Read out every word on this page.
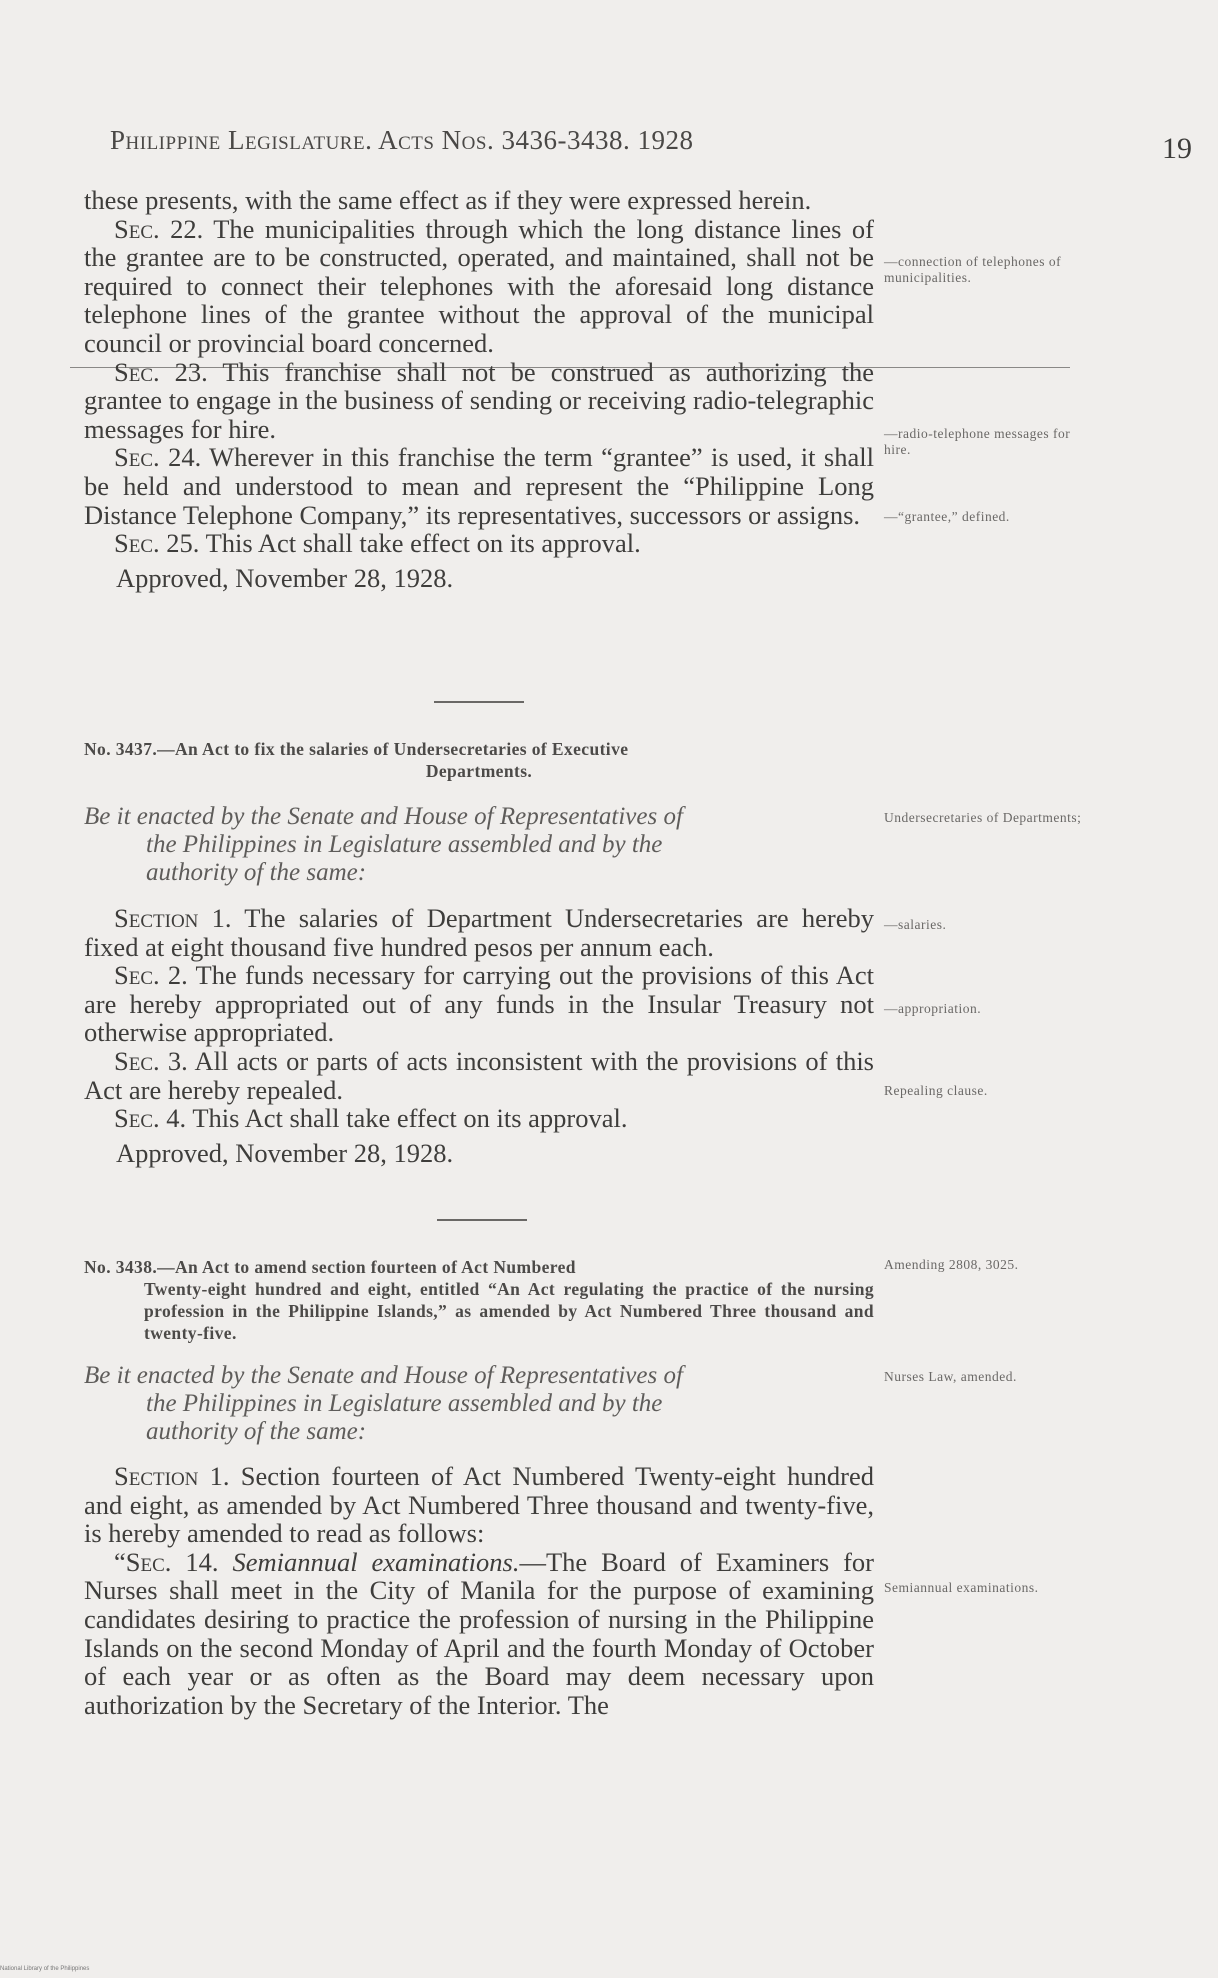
Philippine Legislature. Acts Nos. 3436-3438. 1928	19

these presents, with the same effect as if they were expressed herein.

Sec. 22. The municipalities through which the long distance lines of the grantee are to be constructed, operated, and maintained, shall not be required to connect their telephones with the aforesaid long distance telephone lines of the grantee without the approval of the municipal council or provincial board concerned.

Sec. 23. This franchise shall not be construed as authorizing the grantee to engage in the business of sending or receiving radio-telegraphic messages for hire.

Sec. 24. Wherever in this franchise the term “grantee” is used, it shall be held and understood to mean and represent the “Philippine Long Distance Telephone Company,” its representatives, successors or assigns.

Sec. 25. This Act shall take effect on its approval.

Approved, November 28, 1928.

—connection of telephones of municipalities.
—radio-telephone messages for hire.
—“grantee,” defined.
No. 3437.—An Act to fix the salaries of Undersecretaries of Executive
Departments.
Be it enacted by the Senate and House of Representatives of
the Philippines in Legislature assembled and by the
authority of the same:

Section 1. The salaries of Department Undersecretaries are hereby fixed at eight thousand five hundred pesos per annum each.

Sec. 2. The funds necessary for carrying out the provisions of this Act are hereby appropriated out of any funds in the Insular Treasury not otherwise appropriated.

Sec. 3. All acts or parts of acts inconsistent with the provisions of this Act are hereby repealed.

Sec. 4. This Act shall take effect on its approval.

Approved, November 28, 1928.

Undersecretaries of Departments;
—salaries.
—appropriation.
Repealing clause.
No. 3438.—An Act to amend section fourteen of Act Numbered
Twenty-eight hundred and eight, entitled “An Act regulating the practice of the nursing profession in the Philippine Islands,” as amended by Act Numbered Three thousand and twenty-five.
Be it enacted by the Senate and House of Representatives of
the Philippines in Legislature assembled and by the
authority of the same:

Section 1. Section fourteen of Act Numbered Twenty-eight hundred and eight, as amended by Act Numbered Three thousand and twenty-five, is hereby amended to read as follows:

“Sec. 14. Semiannual examinations.—The Board of Examiners for Nurses shall meet in the City of Manila for the purpose of examining candidates desiring to practice the profession of nursing in the Philippine Islands on the second Monday of April and the fourth Monday of October of each year or as often as the Board may deem necessary upon authorization by the Secretary of the Interior. The

Amending 2808, 3025.
Nurses Law, amended.
Semiannual examinations.
National Library of the Philippines
